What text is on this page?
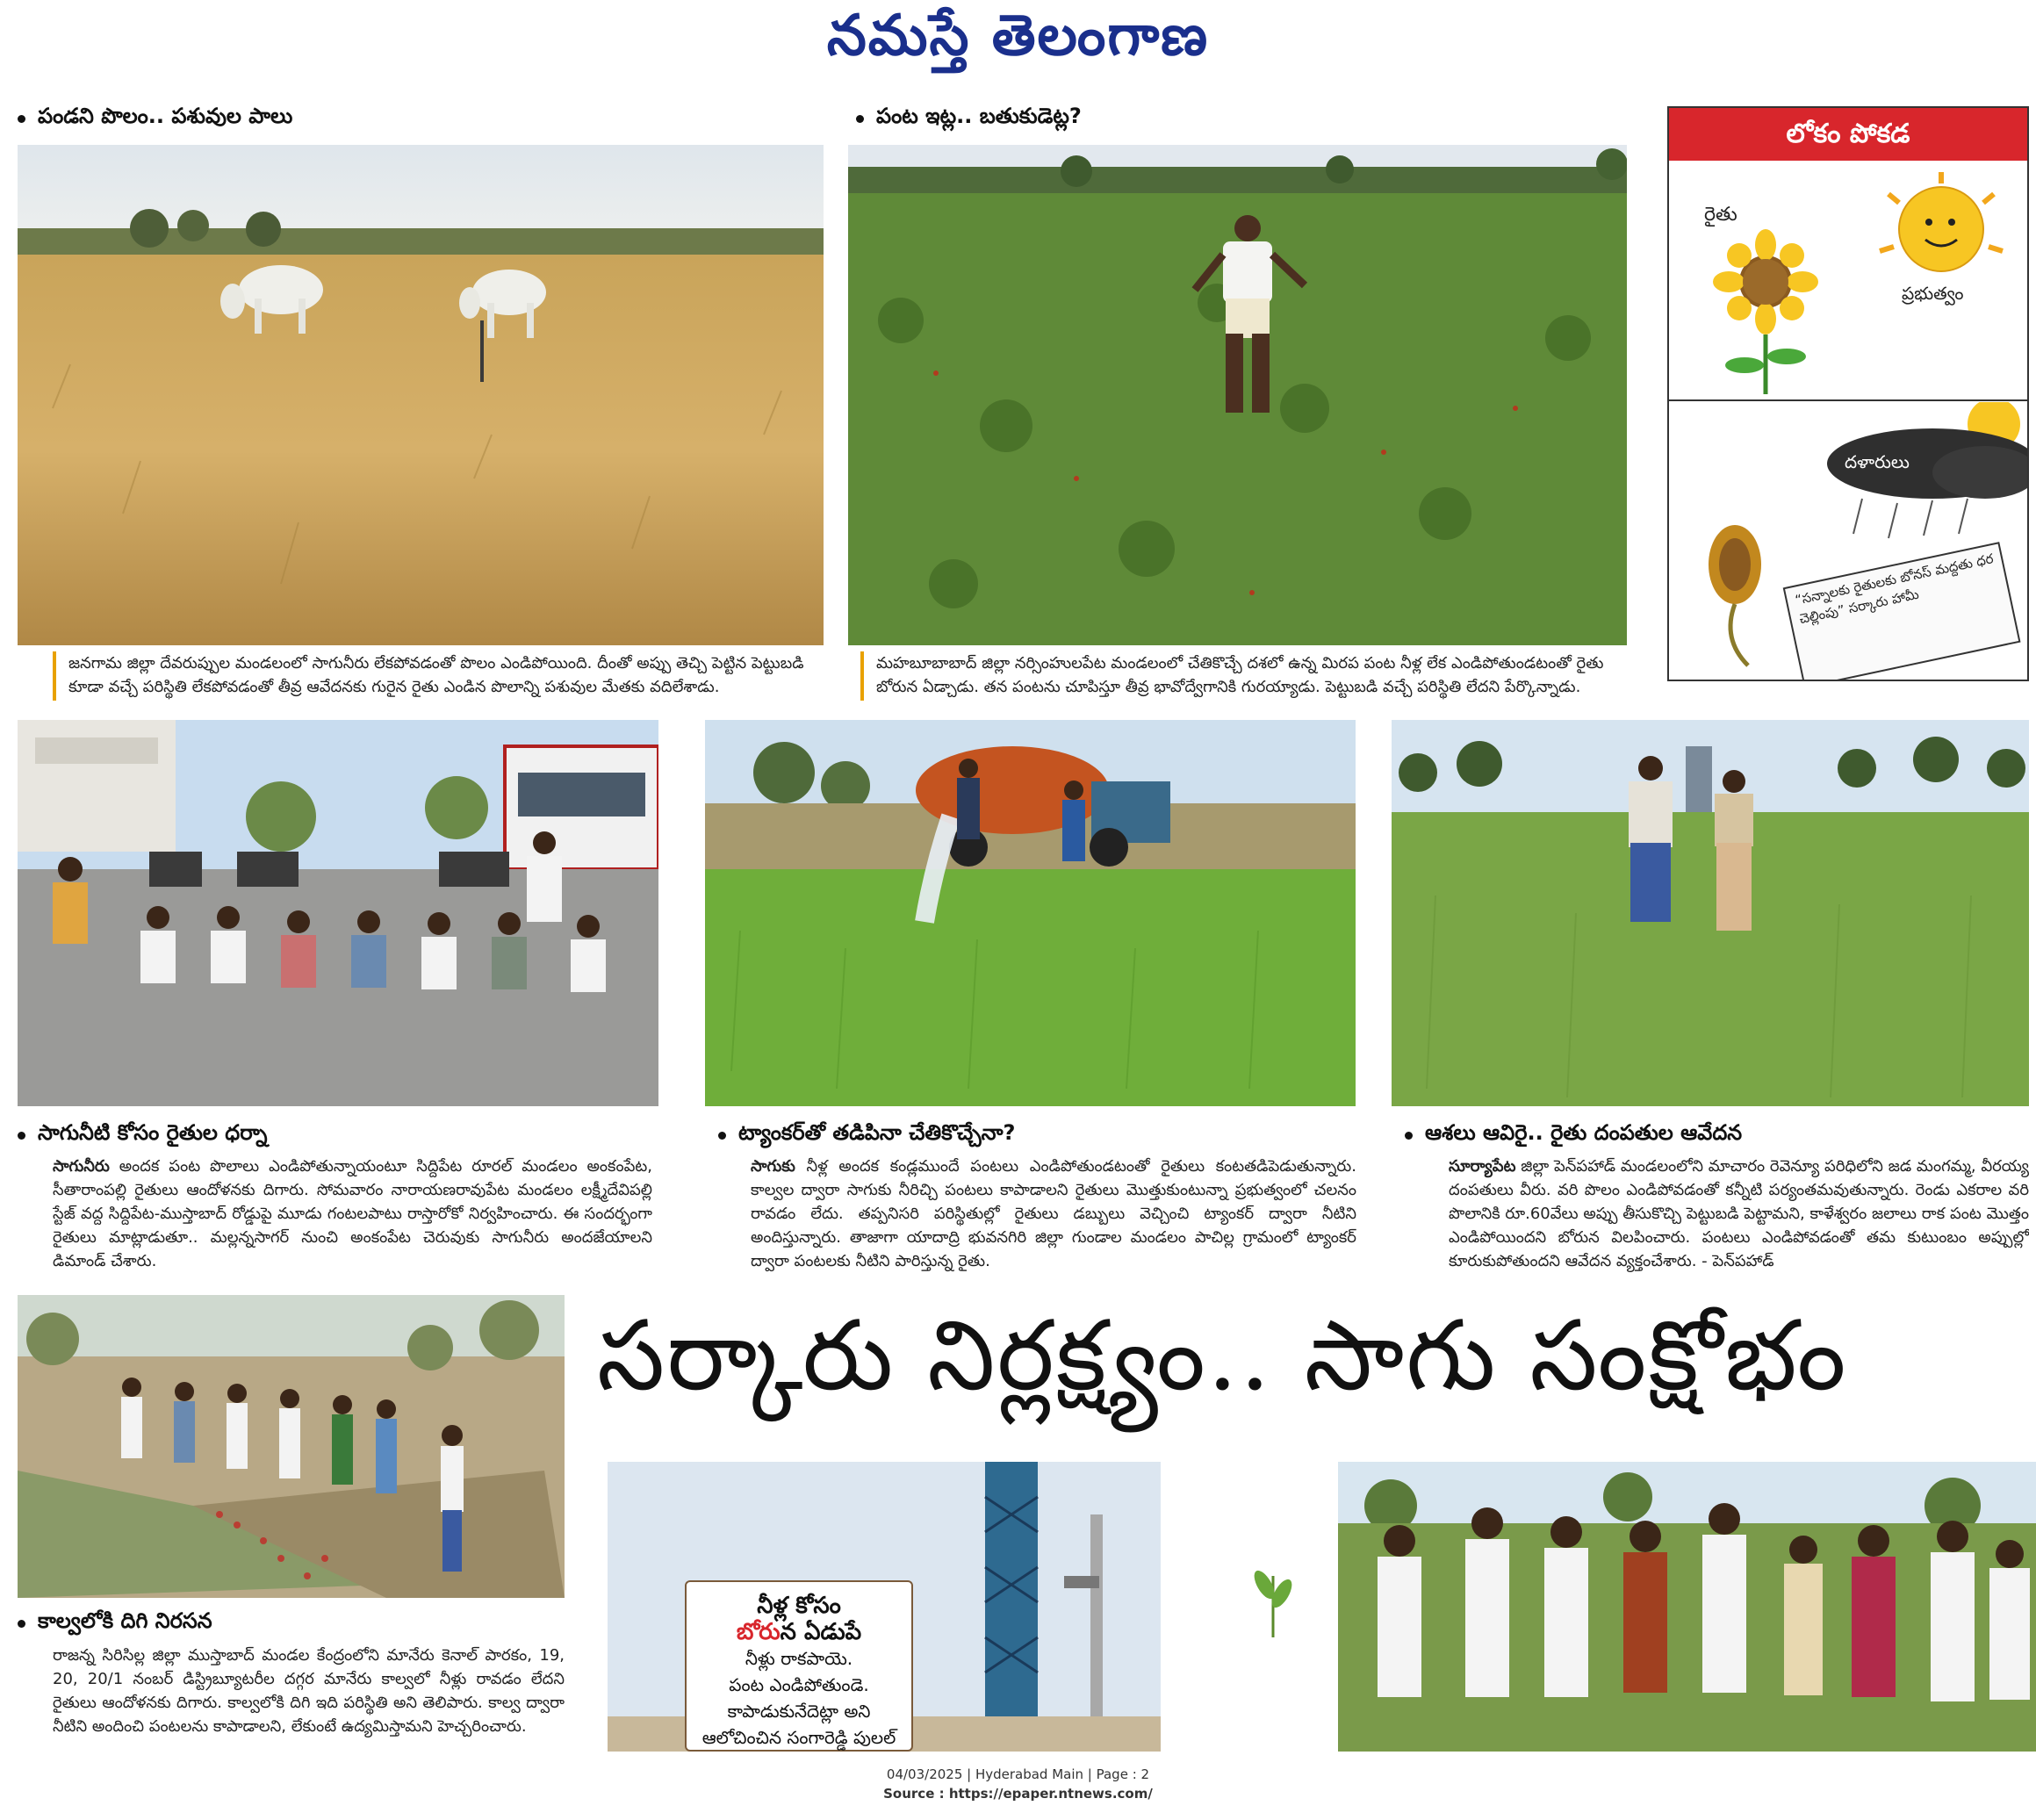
నమస్తే తెలంగాణ
పండని పొలం.. పశువుల పాలు
జనగామ జిల్లా దేవరుప్పుల మండలంలో సాగునీరు లేకపోవడంతో పొలం ఎండిపోయింది. దీంతో అప్పు తెచ్చి పెట్టిన పెట్టుబడి కూడా వచ్చే పరిస్థితి లేకపోవడంతో తీవ్ర ఆవేదనకు గురైన రైతు ఎండిన పొలాన్ని పశువుల మేతకు వదిలేశాడు.
పంట ఇట్ల.. బతుకుడెట్ల?
మహబూబాబాద్ జిల్లా నర్సింహులపేట మండలంలో చేతికొచ్చే దశలో ఉన్న మిరప పంట నీళ్ల లేక ఎండిపోతుండటంతో రైతు బోరున ఏడ్చాడు. తన పంటను చూపిస్తూ తీవ్ర భావోద్వేగానికి గురయ్యాడు. పెట్టుబడి వచ్చే పరిస్థితి లేదని పేర్కొన్నాడు.
లోకం పోకడ
రైతు
ప్రభుత్వం
దళారులు
“సన్నాలకు రైతులకు బోనస్ మద్దతు ధర చెల్లింపు” సర్కారు హామీ
సాగునీటి కోసం రైతుల ధర్నా
సాగునీరు అందక పంట పొలాలు ఎండిపోతున్నాయంటూ సిద్దిపేట రూరల్ మండలం అంకంపేట, సీతారాంపల్లి రైతులు ఆందోళనకు దిగారు. సోమవారం నారాయణరావుపేట మండలం లక్ష్మీదేవిపల్లి స్టేజ్ వద్ద సిద్దిపేట-ముస్తాబాద్ రోడ్డుపై మూడు గంటలపాటు రాస్తారోకో నిర్వహించారు. ఈ సందర్భంగా రైతులు మాట్లాడుతూ.. మల్లన్నసాగర్ నుంచి అంకంపేట చెరువుకు సాగునీరు అందజేయాలని డిమాండ్ చేశారు.
ట్యాంకర్‌తో తడిపినా చేతికొచ్చేనా?
సాగుకు నీళ్ల అందక కండ్లముందే పంటలు ఎండిపోతుండటంతో రైతులు కంటతడిపెడుతున్నారు. కాల్వల ద్వారా సాగుకు నీరిచ్చి పంటలు కాపాడాలని రైతులు మొత్తుకుంటున్నా ప్రభుత్వంలో చలనం రావడం లేదు. తప్పనిసరి పరిస్థితుల్లో రైతులు డబ్బులు వెచ్చించి ట్యాంకర్ ద్వారా నీటిని అందిస్తున్నారు. తాజాగా యాదాద్రి భువనగిరి జిల్లా గుండాల మండలం పాచిల్ల గ్రామంలో ట్యాంకర్ ద్వారా పంటలకు నీటిని పారిస్తున్న రైతు.
ఆశలు ఆవిరై.. రైతు దంపతుల ఆవేదన
సూర్యాపేట జిల్లా పెన్‌పహాడ్ మండలంలోని మాచారం రెవెన్యూ పరిధిలోని జడ మంగమ్మ, వీరయ్య దంపతులు వీరు. వరి పొలం ఎండిపోవడంతో కన్నీటి పర్యంతమవుతున్నారు. రెండు ఎకరాల వరి పొలానికి రూ.60వేలు అప్పు తీసుకొచ్చి పెట్టుబడి పెట్టామని, కాళేశ్వరం జలాలు రాక పంట మొత్తం ఎండిపోయిందని బోరున విలపించారు. పంటలు ఎండిపోవడంతో తమ కుటుంబం అప్పుల్లో కూరుకుపోతుందని ఆవేదన వ్యక్తంచేశారు. - పెన్‌పహాడ్
కాల్వలోకి దిగి నిరసన
రాజన్న సిరిసిల్ల జిల్లా ముస్తాబాద్ మండల కేంద్రంలోని మానేరు కెనాల్ పారకం, 19, 20, 20/1 నంబర్ డిస్ట్రిబ్యూటరీల దగ్గర మానేరు కాల్వలో నీళ్లు రావడం లేదని రైతులు ఆందోళనకు దిగారు. కాల్వలోకి దిగి ఇది పరిస్థితి అని తెలిపారు. కాల్వ ద్వారా నీటిని అందించి పంటలను కాపాడాలని, లేకుంటే ఉద్యమిస్తామని హెచ్చరించారు.
సర్కారు నిర్లక్ష్యం.. సాగు సంక్షోభం
నీళ్ల కోసం
బోరున ఏడుపే
నీళ్లు రాకపాయె.
పంట ఎండిపోతుండె.
కాపాడుకునేదెట్లా అని
ఆలోచించిన సంగారెడ్డి పులల్
04/03/2025 | Hyderabad Main | Page : 2
Source : https://epaper.ntnews.com/
